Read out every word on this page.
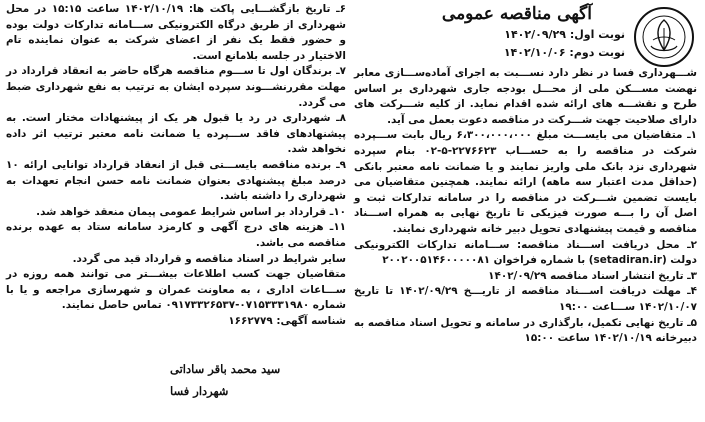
آگهی مناقصه عمومی
نوبت اول: ۱۴۰۲/۰۹/۲۹
نوبت دوم: ۱۴۰۲/۱۰/۰۶

شـــهرداری فسا در نظر دارد نســـبت به اجرای آماده‌ســـازی معابر نهضت مســـکن ملی از محـــل بودجه جاری شهرداری بر اساس طرح و نقشـــه های ارائه شده اقدام نماید. از کلیه شـــرکت های دارای صلاحیت جهت شـــرکت در مناقصه دعوت بعمل می آید.

۱ـ متقاضیان می بایســـت مبلغ ۶،۳۰۰،۰۰۰،۰۰۰ ریال بابت ســـپرده شرکت در مناقصه را به حســـاب ۲۲۷۶۶۲۳-۵-۰۲ بنام سپرده شهرداری نزد بانک ملی واریز نمایند و یا ضمانت نامه معتبر بانکی (حداقل مدت اعتبار سه ماهه) ارائه نمایند. همچنین متقاضیان می بایست تضمین شـــرکت در مناقصه را در سامانه تدارکات ثبت و اصل آن را بـــه صورت فیزیکی تا تاریخ نهایی به همراه اســـناد مناقصه و قیمت پیشنهادی تحویل دبیر خانه شهرداری نمایند.

۲ـ محل دریافت اســـناد مناقصه: ســـامانه تدارکات الکترونیکی دولت (setadiran.ir) با شماره فراخوان ۲۰۰۲۰۰۵۱۴۶۰۰۰۰۰۸۱

۳ـ تاریخ انتشار اسناد مناقصه ۱۴۰۲/۰۹/۲۹

۴ـ مهلت دریافت اســـناد مناقصه از تاریـــخ ۱۴۰۲/۰۹/۲۹ تا تاریخ ۱۴۰۲/۱۰/۰۷ ســـاعت ۱۹:۰۰

۵ـ تاریخ نهایی تکمیل، بارگذاری در سامانه و تحویل اسناد مناقصه به دبیرخانه ۱۴۰۲/۱۰/۱۹ ساعت ۱۵:۰۰

۶ـ تاریخ بازگشـــایی پاکت ها: ۱۴۰۲/۱۰/۱۹ ساعت ۱۵:۱۵ در محل شهرداری از طریق درگاه الکترونیکی ســـامانه تدارکات دولت بوده و حضور فقط یک نفر از اعضای شرکت به عنوان نماینده تام الاختیار در جلسه بلامانع است.

۷ـ برندگان اول تا ســـوم مناقصه هرگاه حاضر به انعقاد قرارداد در مهلت مقررنشـــوند سپرده ایشان به ترتیب به نفع شهرداری ضبط می گردد.

۸ـ شهرداری در رد یا قبول هر یک از پیشنهادات مختار است. به پیشنهادهای فاقد ســـپرده یا ضمانت نامه معتبر ترتیب اثر داده نخواهد شد.

۹ـ برنده مناقصه بایســـتی قبل از انعقاد قرارداد توانایی ارائه ۱۰ درصد مبلغ پیشنهادی بعنوان ضمانت نامه حسن انجام تعهدات به شهرداری را داشته باشد.

۱۰ـ قرارداد بر اساس شرایط عمومی پیمان منعقد خواهد شد.

۱۱ـ هزینه های درج آگهی و کارمزد سامانه ستاد به عهده برنده مناقصه می باشد.

سایر شرایط در اسناد مناقصه و قرارداد قید می گردد.

متقاضیان جهت کسب اطلاعات بیشـــتر می توانند همه روزه در ســـاعات اداری ، به معاونت عمران و شهرسازی مراجعه و یا با شماره ۰۷۱۵۳۳۳۱۹۸۰-۰۹۱۷۳۳۲۶۵۳۷ تماس حاصل نمایند.

شناسه آگهی: ۱۶۶۲۷۷۹

سید محمد باقر ساداتی
شهردار فسا
